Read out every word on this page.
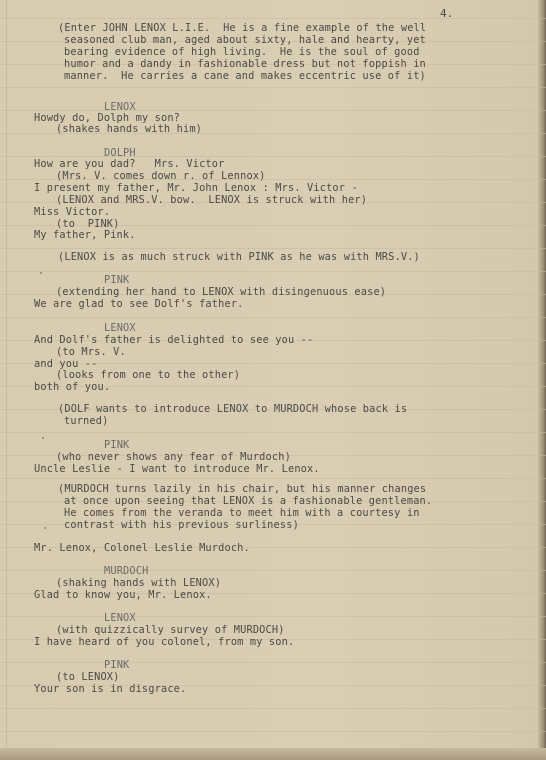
4.
(Enter JOHN LENOX L.I.E.  He is a fine example of the well
seasoned club man, aged about sixty, hale and hearty, yet
bearing evidence of high living.  He is the soul of good
humor and a dandy in fashionable dress but not foppish in
manner.  He carries a cane and makes eccentric use of it)
LENOX
Howdy do, Dolph my son?
(shakes hands with him)
DOLPH
How are you dad?   Mrs. Victor
(Mrs. V. comes down r. of Lennox)
I present my father, Mr. John Lenox : Mrs. Victor -
(LENOX and MRS.V. bow.  LENOX is struck with her)
Miss Victor.
(to  PINK)
My father, Pink.
(LENOX is as much struck with PINK as he was with MRS.V.)
PINK
(extending her hand to LENOX with disingenuous ease)
We are glad to see Dolf's father.
LENOX
And Dolf's father is delighted to see you --
(to Mrs. V.
and you --
(looks from one to the other)
both of you.
(DOLF wants to introduce LENOX to MURDOCH whose back is
turned)
PINK
(who never shows any fear of Murdoch)
Uncle Leslie - I want to introduce Mr. Lenox.
(MURDOCH turns lazily in his chair, but his manner changes
at once upon seeing that LENOX is a fashionable gentleman.
He comes from the veranda to meet him with a courtesy in
contrast with his previous surliness)
Mr. Lenox, Colonel Leslie Murdoch.
MURDOCH
(shaking hands with LENOX)
Glad to know you, Mr. Lenox.
LENOX
(with quizzically survey of MURDOCH)
I have heard of you colonel, from my son.
PINK
(to LENOX)
Your son is in disgrace.
